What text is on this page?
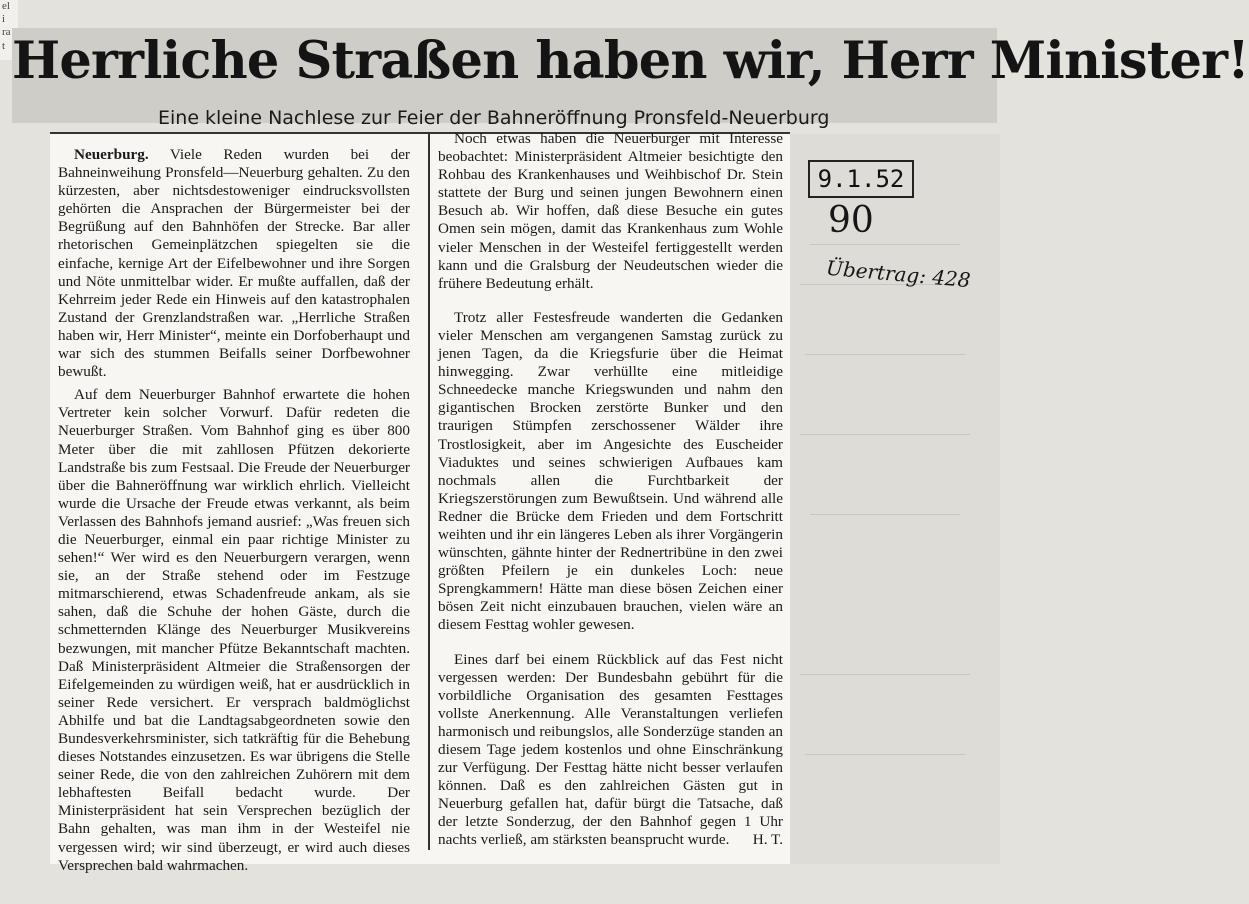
el
i
ra
t Herrliche Straßen haben wir, Herr Minister!
Eine kleine Nachlese zur Feier der Bahneröffnung Pronsfeld-Neuerburg

Neuerburg. Viele Reden wurden bei der Bahneinweihung Pronsfeld—Neuerburg gehalten. Zu den kürzesten, aber nichtsdestoweniger eindrucksvollsten gehörten die Ansprachen der Bürgermeister bei der Begrüßung auf den Bahnhöfen der Strecke. Bar aller rhetorischen Gemeinplätzchen spiegelten sie die einfache, kernige Art der Eifelbewohner und ihre Sorgen und Nöte unmittelbar wider. Er mußte auffallen, daß der Kehrreim jeder Rede ein Hinweis auf den katastrophalen Zustand der Grenzlandstraßen war. „Herrliche Straßen haben wir, Herr Minister“, meinte ein Dorfoberhaupt und war sich des stummen Beifalls seiner Dorfbewohner bewußt.

Auf dem Neuerburger Bahnhof erwartete die hohen Vertreter kein solcher Vorwurf. Dafür redeten die Neuerburger Straßen. Vom Bahnhof ging es über 800 Meter über die mit zahllosen Pfützen dekorierte Landstraße bis zum Festsaal. Die Freude der Neuerburger über die Bahneröffnung war wirklich ehrlich. Vielleicht wurde die Ursache der Freude etwas verkannt, als beim Verlassen des Bahnhofs jemand ausrief: „Was freuen sich die Neuerburger, einmal ein paar richtige Minister zu sehen!“ Wer wird es den Neuerburgern verargen, wenn sie, an der Straße stehend oder im Festzuge mitmarschierend, etwas Schadenfreude ankam, als sie sahen, daß die Schuhe der hohen Gäste, durch die schmetternden Klänge des Neuerburger Musikvereins bezwungen, mit mancher Pfütze Bekanntschaft machten. Daß Ministerpräsident Altmeier die Straßensorgen der Eifelgemeinden zu würdigen weiß, hat er ausdrücklich in seiner Rede versichert. Er versprach baldmöglichst Abhilfe und bat die Landtagsabgeordneten sowie den Bundesverkehrsminister, sich tatkräftig für die Behebung dieses Notstandes einzusetzen. Es war übrigens die Stelle seiner Rede, die von den zahlreichen Zuhörern mit dem lebhaftesten Beifall bedacht wurde. Der Ministerpräsident hat sein Versprechen bezüglich der Bahn gehalten, was man ihm in der Westeifel nie vergessen wird; wir sind überzeugt, er wird auch dieses Versprechen bald wahrmachen.

Noch etwas haben die Neuerburger mit Interesse beobachtet: Ministerpräsident Altmeier besichtigte den Rohbau des Krankenhauses und Weihbischof Dr. Stein stattete der Burg und seinen jungen Bewohnern einen Besuch ab. Wir hoffen, daß diese Besuche ein gutes Omen sein mögen, damit das Krankenhaus zum Wohle vieler Menschen in der Westeifel fertiggestellt werden kann und die Gralsburg der Neudeutschen wieder die frühere Bedeutung erhält.

Trotz aller Festesfreude wanderten die Gedanken vieler Menschen am vergangenen Samstag zurück zu jenen Tagen, da die Kriegsfurie über die Heimat hinwegging. Zwar verhüllte eine mitleidige Schneedecke manche Kriegswunden und nahm den gigantischen Brocken zerstörte Bunker und den traurigen Stümpfen zerschossener Wälder ihre Trostlosigkeit, aber im Angesichte des Euscheider Viaduktes und seines schwierigen Aufbaues kam nochmals allen die Furchtbarkeit der Kriegszerstörungen zum Bewußtsein. Und während alle Redner die Brücke dem Frieden und dem Fortschritt weihten und ihr ein längeres Leben als ihrer Vorgängerin wünschten, gähnte hinter der Rednertribüne in den zwei größten Pfeilern je ein dunkeles Loch: neue Sprengkammern! Hätte man diese bösen Zeichen einer bösen Zeit nicht einzubauen brauchen, vielen wäre an diesem Festtag wohler gewesen.

Eines darf bei einem Rückblick auf das Fest nicht vergessen werden: Der Bundesbahn gebührt für die vorbildliche Organisation des gesamten Festtages vollste Anerkennung. Alle Veranstaltungen verliefen harmonisch und reibungslos, alle Sonderzüge standen an diesem Tage jedem kostenlos und ohne Einschränkung zur Verfügung. Der Festtag hätte nicht besser verlaufen können. Daß es den zahlreichen Gästen gut in Neuerburg gefallen hat, dafür bürgt die Tatsache, daß der letzte Sonderzug, der den Bahnhof gegen 1 Uhr nachts verließ, am stärksten beansprucht wurde.	H. T.

9.1.52
90
Übertrag: 428
